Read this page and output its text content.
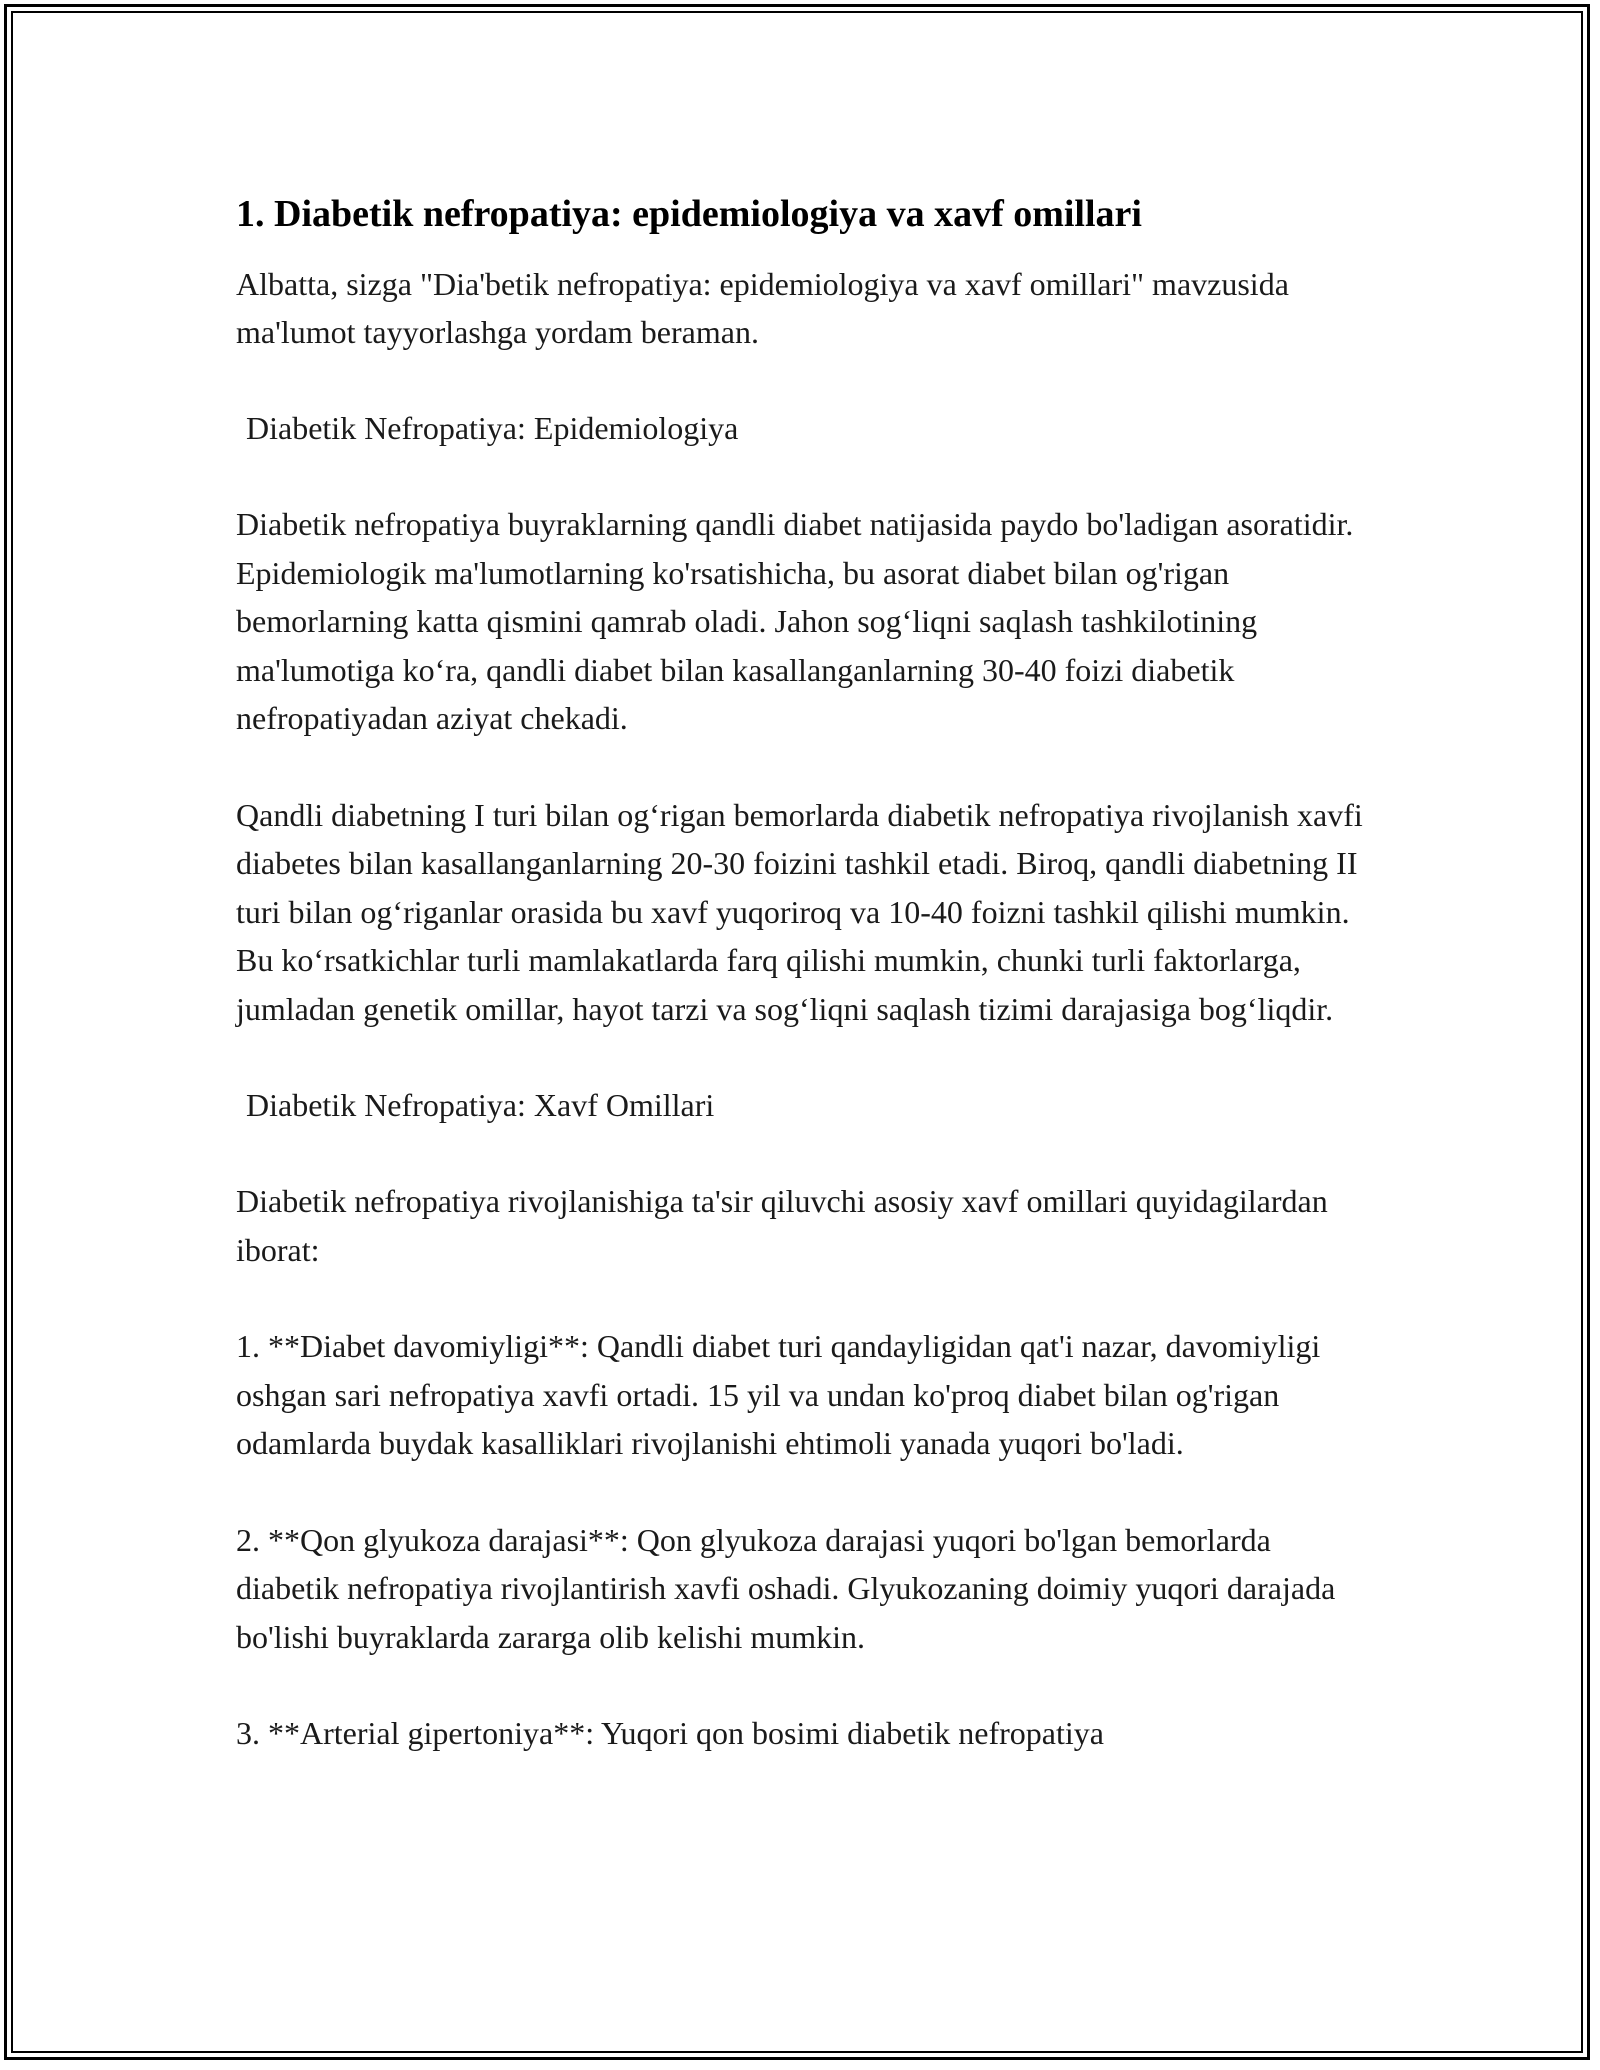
1. Diabetik nefropatiya: epidemiologiya va xavf omillari

Albatta, sizga "Dia'betik nefropatiya: epidemiologiya va xavf omillari" mavzusida ma'lumot tayyorlashga yordam beraman.

Diabetik Nefropatiya: Epidemiologiya

Diabetik nefropatiya buyraklarning qandli diabet natijasida paydo bo'ladigan asoratidir. Epidemiologik ma'lumotlarning ko'rsatishicha, bu asorat diabet bilan og'rigan bemorlarning katta qismini qamrab oladi. Jahon sog‘liqni saqlash tashkilotining ma'lumotiga ko‘ra, qandli diabet bilan kasallanganlarning 30-40 foizi diabetik nefropatiyadan aziyat chekadi.

Qandli diabetning I turi bilan og‘rigan bemorlarda diabetik nefropatiya rivojlanish xavfi diabetes bilan kasallanganlarning 20-30 foizini tashkil etadi. Biroq, qandli diabetning II turi bilan og‘riganlar orasida bu xavf yuqoriroq va 10-40 foizni tashkil qilishi mumkin. Bu ko‘rsatkichlar turli mamlakatlarda farq qilishi mumkin, chunki turli faktorlarga, jumladan genetik omillar, hayot tarzi va sog‘liqni saqlash tizimi darajasiga bog‘liqdir.

Diabetik Nefropatiya: Xavf Omillari

Diabetik nefropatiya rivojlanishiga ta'sir qiluvchi asosiy xavf omillari quyidagilardan iborat:

1. **Diabet davomiyligi**: Qandli diabet turi qandayligidan qat'i nazar, davomiyligi oshgan sari nefropatiya xavfi ortadi. 15 yil va undan ko'proq diabet bilan og'rigan odamlarda buydak kasalliklari rivojlanishi ehtimoli yanada yuqori bo'ladi.

2. **Qon glyukoza darajasi**: Qon glyukoza darajasi yuqori bo'lgan bemorlarda diabetik nefropatiya rivojlantirish xavfi oshadi. Glyukozaning doimiy yuqori darajada bo'lishi buyraklarda zararga olib kelishi mumkin.

3. **Arterial gipertoniya**: Yuqori qon bosimi diabetik nefropatiya
